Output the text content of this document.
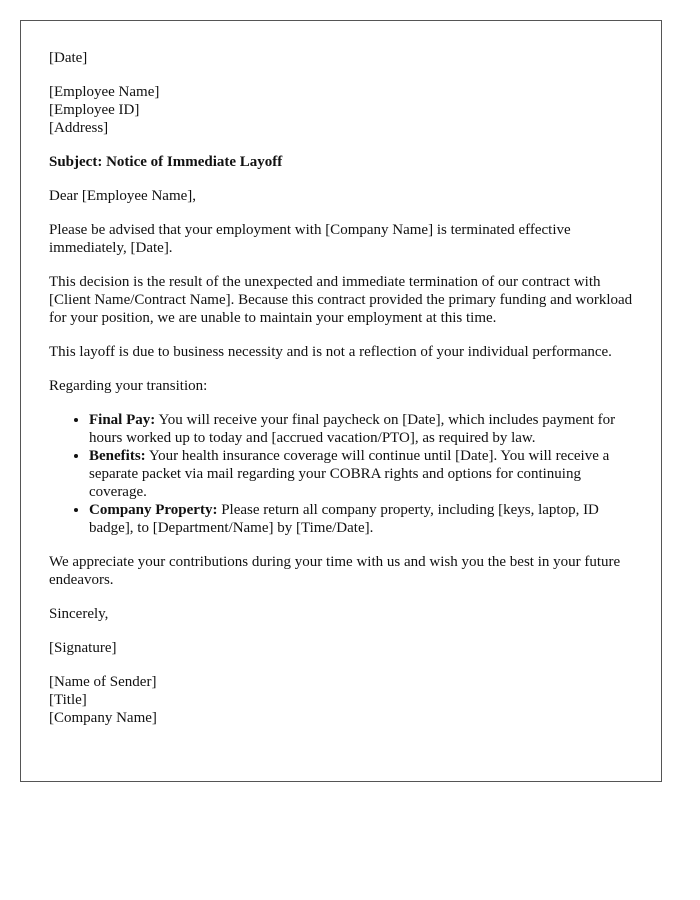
[Date]
[Employee Name]
[Employee ID]
[Address]

Subject: Notice of Immediate Layoff

Dear [Employee Name],

Please be advised that your employment with [Company Name] is terminated effective immediately, [Date].

This decision is the result of the unexpected and immediate termination of our contract with [Client Name/Contract Name]. Because this contract provided the primary funding and workload for your position, we are unable to maintain your employment at this time.

This layoff is due to business necessity and is not a reflection of your individual performance.

Regarding your transition:

• Final Pay: You will receive your final paycheck on [Date], which includes payment for hours worked up to today and [accrued vacation/PTO], as required by law.
• Benefits: Your health insurance coverage will continue until [Date]. You will receive a separate packet via mail regarding your COBRA rights and options for continuing coverage.
• Company Property: Please return all company property, including [keys, laptop, ID badge], to [Department/Name] by [Time/Date].

We appreciate your contributions during your time with us and wish you the best in your future endeavors.

Sincerely,

[Signature]

[Name of Sender]
[Title]
[Company Name]
